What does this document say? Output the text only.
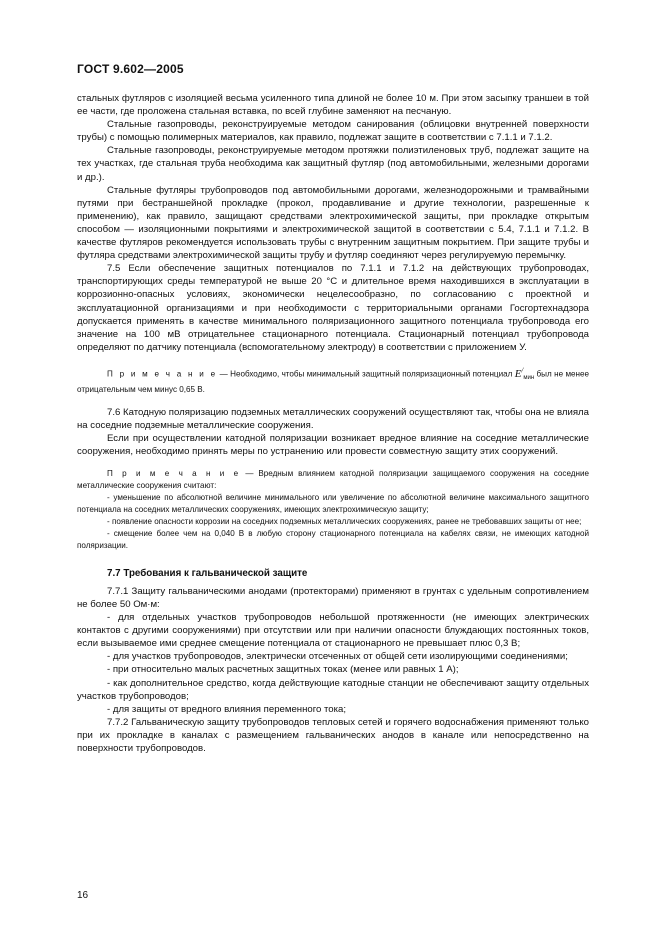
ГОСТ 9.602—2005

стальных футляров с изоляцией весьма усиленного типа длиной не более 10 м. При этом засыпку траншеи в той ее части, где проложена стальная вставка, по всей глубине заменяют на песчаную.

Стальные газопроводы, реконструируемые методом санирования (облицовки внутренней поверхности трубы) с помощью полимерных материалов, как правило, подлежат защите в соответствии с 7.1.1 и 7.1.2.

Стальные газопроводы, реконструируемые методом протяжки полиэтиленовых труб, подлежат защите на тех участках, где стальная труба необходима как защитный футляр (под автомобильными, железными дорогами и др.).

Стальные футляры трубопроводов под автомобильными дорогами, железнодорожными и трамвайными путями при бестраншейной прокладке (прокол, продавливание и другие технологии, разрешенные к применению), как правило, защищают средствами электрохимической защиты, при прокладке открытым способом — изоляционными покрытиями и электрохимической защитой в соответствии с 5.4, 7.1.1 и 7.1.2. В качестве футляров рекомендуется использовать трубы с внутренним защитным покрытием. При защите трубы и футляра средствами электрохимической защиты трубу и футляр соединяют через регулируемую перемычку.

7.5 Если обеспечение защитных потенциалов по 7.1.1 и 7.1.2 на действующих трубопроводах, транспортирующих среды температурой не выше 20 °С и длительное время находившихся в эксплуатации в коррозионно-опасных условиях, экономически нецелесообразно, по согласованию с проектной и эксплуатационной организациями и при необходимости с территориальными органами Госгортехнадзора допускается применять в качестве минимального поляризационного защитного потенциала трубопровода его значение на 100 мВ отрицательнее стационарного потенциала. Стационарный потенциал трубопровода определяют по датчику потенциала (вспомогательному электроду) в соответствии с приложением У.

П р и м е ч а н и е — Необходимо, чтобы минимальный защитный поляризационный потенциал $E^/_{мин}$ был не менее отрицательным чем минус 0,65 В.

7.6 Катодную поляризацию подземных металлических сооружений осуществляют так, чтобы она не влияла на соседние подземные металлические сооружения.

Если при осуществлении катодной поляризации возникает вредное влияние на соседние металлические сооружения, необходимо принять меры по устранению или провести совместную защиту этих сооружений.

П р и м е ч а н и е — Вредным влиянием катодной поляризации защищаемого сооружения на соседние металлические сооружения считают:

- уменьшение по абсолютной величине минимального или увеличение по абсолютной величине максимального защитного потенциала на соседних металлических сооружениях, имеющих электрохимическую защиту;

- появление опасности коррозии на соседних подземных металлических сооружениях, ранее не требовавших защиты от нее;

- смещение более чем на 0,040 В в любую сторону стационарного потенциала на кабелях связи, не имеющих катодной поляризации.

7.7 Требования к гальванической защите

7.7.1 Защиту гальваническими анодами (протекторами) применяют в грунтах с удельным сопротивлением не более 50 Ом·м:

- для отдельных участков трубопроводов небольшой протяженности (не имеющих электрических контактов с другими сооружениями) при отсутствии или при наличии опасности блуждающих постоянных токов, если вызываемое ими среднее смещение потенциала от стационарного не превышает плюс 0,3 В;

- для участков трубопроводов, электрически отсеченных от общей сети изолирующими соединениями;

- при относительно малых расчетных защитных токах (менее или равных 1 А);

- как дополнительное средство, когда действующие катодные станции не обеспечивают защиту отдельных участков трубопроводов;

- для защиты от вредного влияния переменного тока;

7.7.2 Гальваническую защиту трубопроводов тепловых сетей и горячего водоснабжения применяют только при их прокладке в каналах с размещением гальванических анодов в канале или непосредственно на поверхности трубопроводов.

16
